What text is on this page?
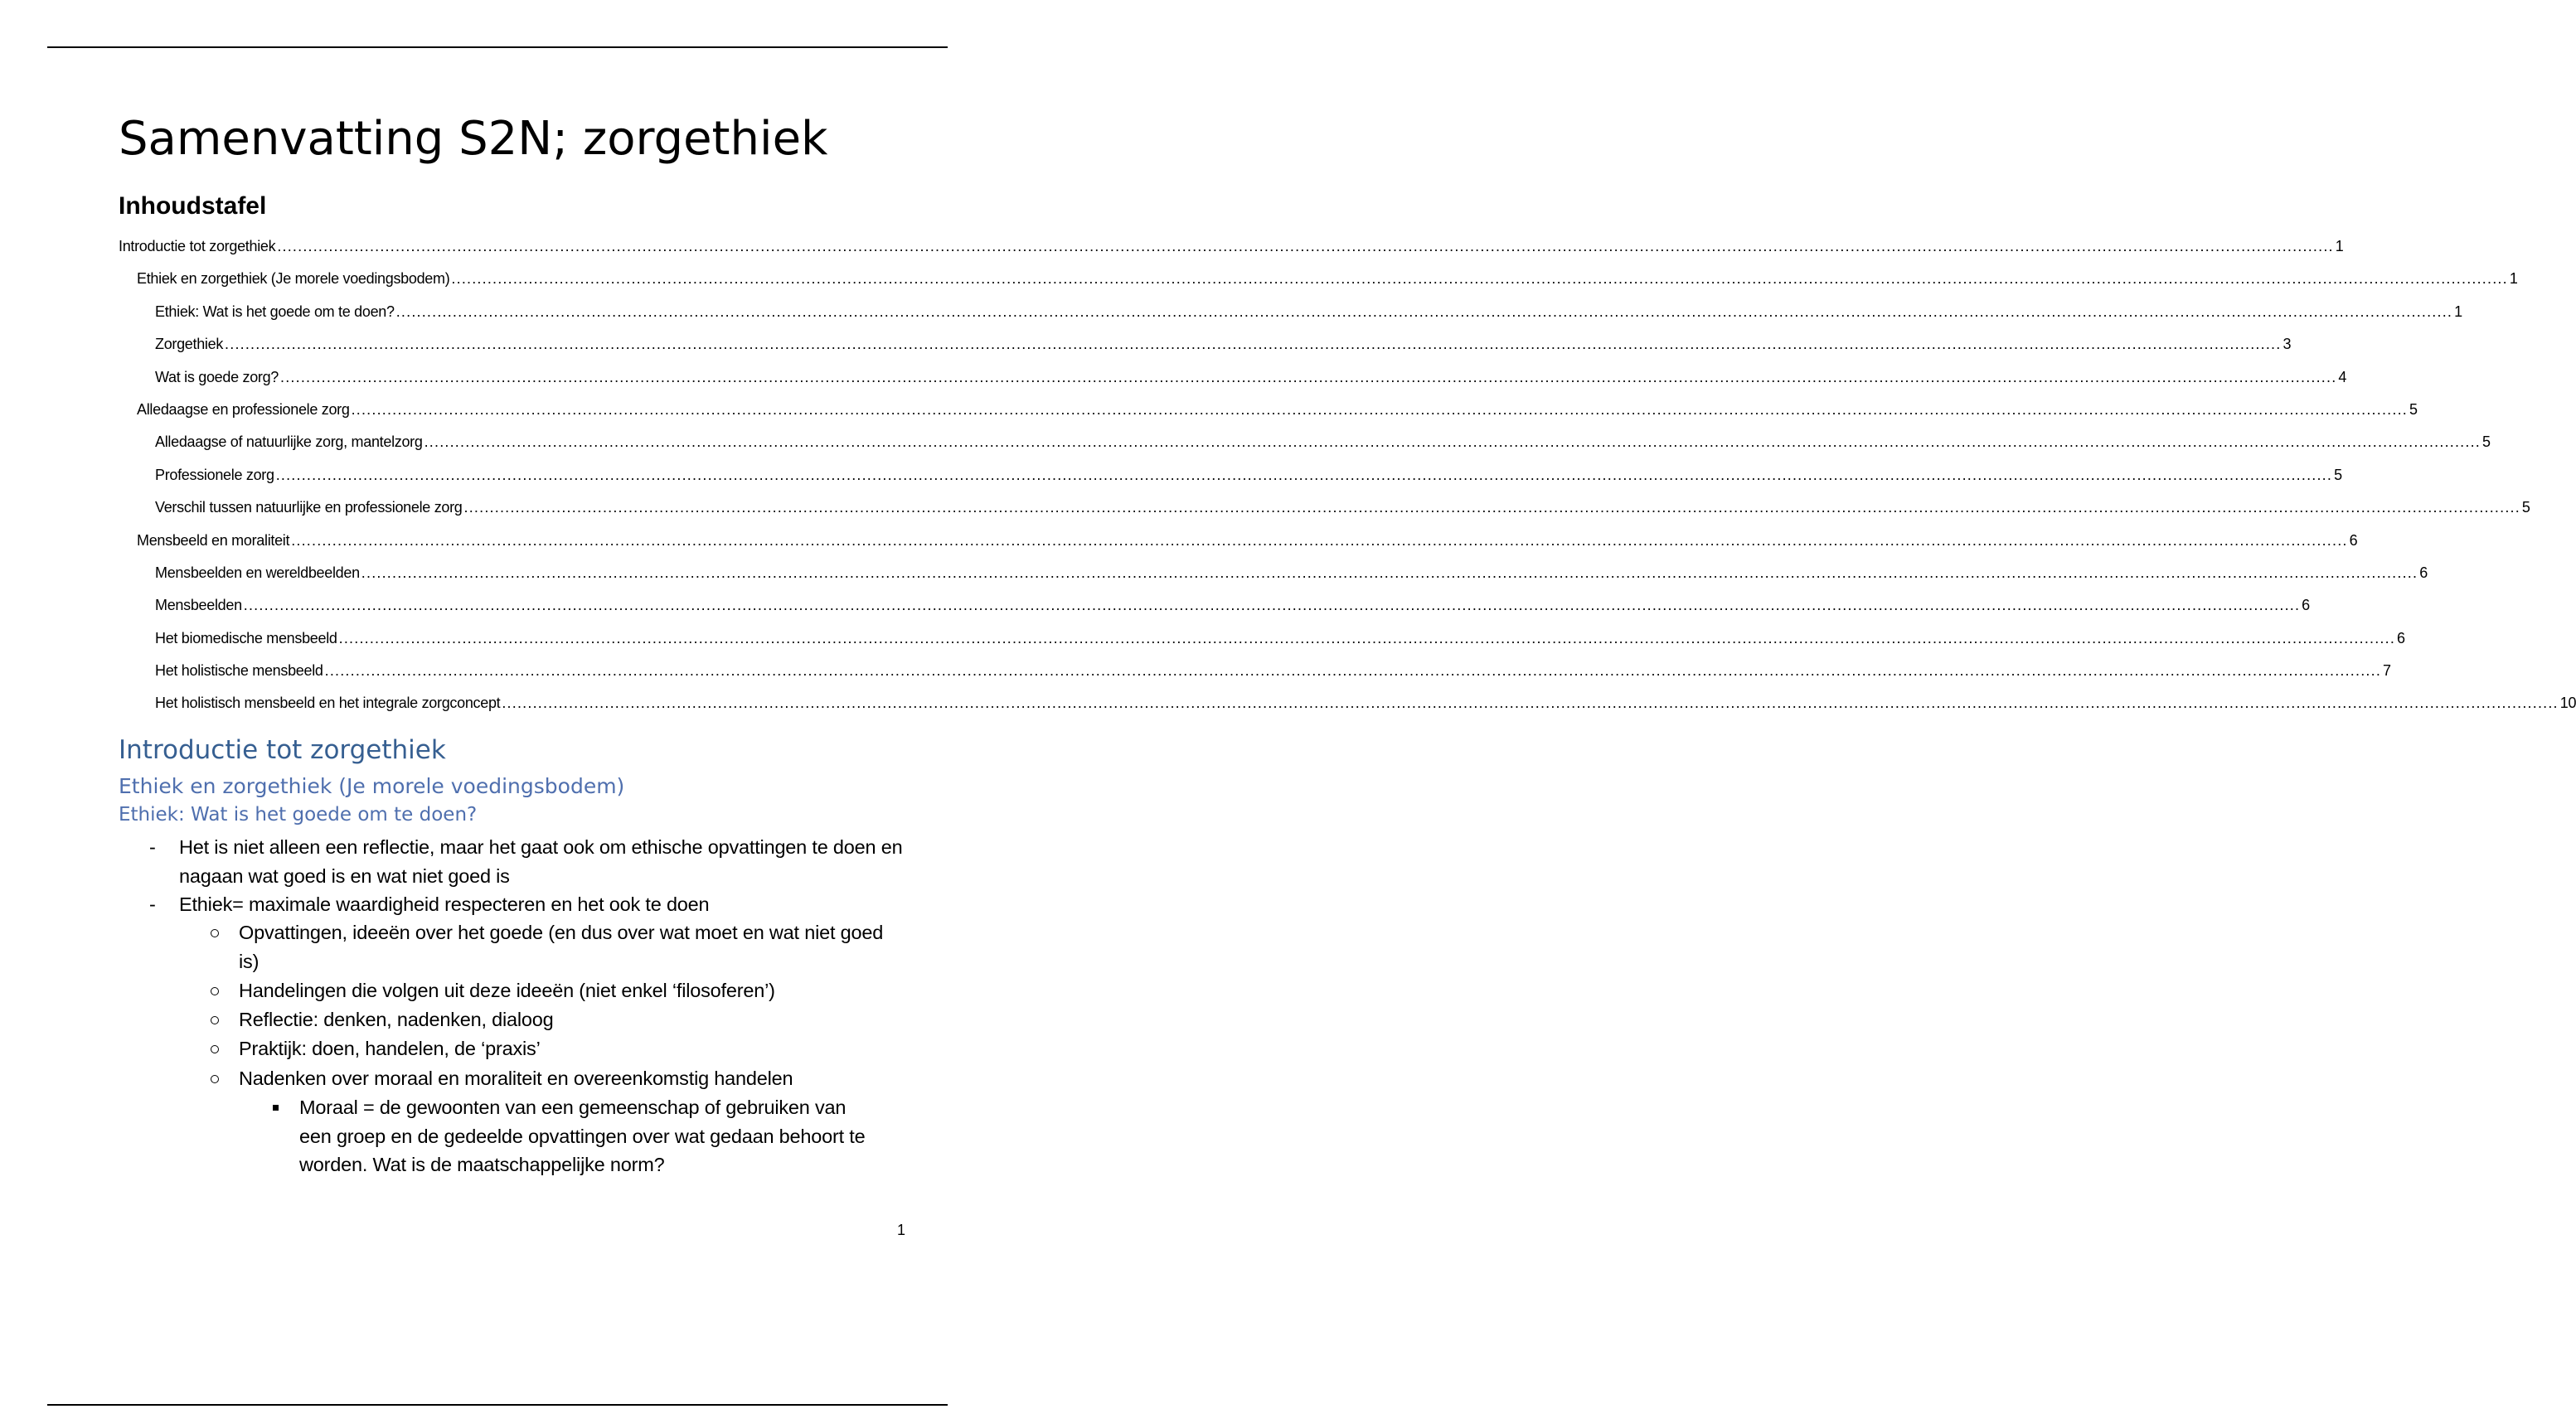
Samenvatting S2N; zorgethiek
Inhoudstafel
Introductie tot zorgethiek ................................................................................................................................................................................................................................................................................................................................................................................................................ 1
Ethiek en zorgethiek (Je morele voedingsbodem) ................................................................................................................................................................................................................................................................................................................................................................................................................ 1
Ethiek: Wat is het goede om te doen? ................................................................................................................................................................................................................................................................................................................................................................................................................ 1
Zorgethiek ................................................................................................................................................................................................................................................................................................................................................................................................................ 3
Wat is goede zorg? ................................................................................................................................................................................................................................................................................................................................................................................................................ 4
Alledaagse en professionele zorg ................................................................................................................................................................................................................................................................................................................................................................................................................ 5
Alledaagse of natuurlijke zorg, mantelzorg ................................................................................................................................................................................................................................................................................................................................................................................................................ 5
Professionele zorg ................................................................................................................................................................................................................................................................................................................................................................................................................ 5
Verschil tussen natuurlijke en professionele zorg ................................................................................................................................................................................................................................................................................................................................................................................................................ 5
Mensbeeld en moraliteit ................................................................................................................................................................................................................................................................................................................................................................................................................ 6
Mensbeelden en wereldbeelden ................................................................................................................................................................................................................................................................................................................................................................................................................ 6
Mensbeelden ................................................................................................................................................................................................................................................................................................................................................................................................................ 6
Het biomedische mensbeeld ................................................................................................................................................................................................................................................................................................................................................................................................................ 6
Het holistische mensbeeld ................................................................................................................................................................................................................................................................................................................................................................................................................ 7
Het holistisch mensbeeld en het integrale zorgconcept ................................................................................................................................................................................................................................................................................................................................................................................................................ 10
Introductie tot zorgethiek
Ethiek en zorgethiek (Je morele voedingsbodem)
Ethiek: Wat is het goede om te doen?
- Het is niet alleen een reflectie, maar het gaat ook om ethische opvattingen te doen en nagaan wat goed is en wat niet goed is
- Ethiek= maximale waardigheid respecteren en het ook te doen
Opvattingen, ideeën over het goede (en dus over wat moet en wat niet goed is)
Handelingen die volgen uit deze ideeën (niet enkel ‘filosoferen’)
Reflectie: denken, nadenken, dialoog
Praktijk: doen, handelen, de ‘praxis’
Nadenken over moraal en moraliteit en overeenkomstig handelen
Moraal = de gewoonten van een gemeenschap of gebruiken van een groep en de gedeelde opvattingen over wat gedaan behoort te worden. Wat is de maatschappelijke norm?
1
